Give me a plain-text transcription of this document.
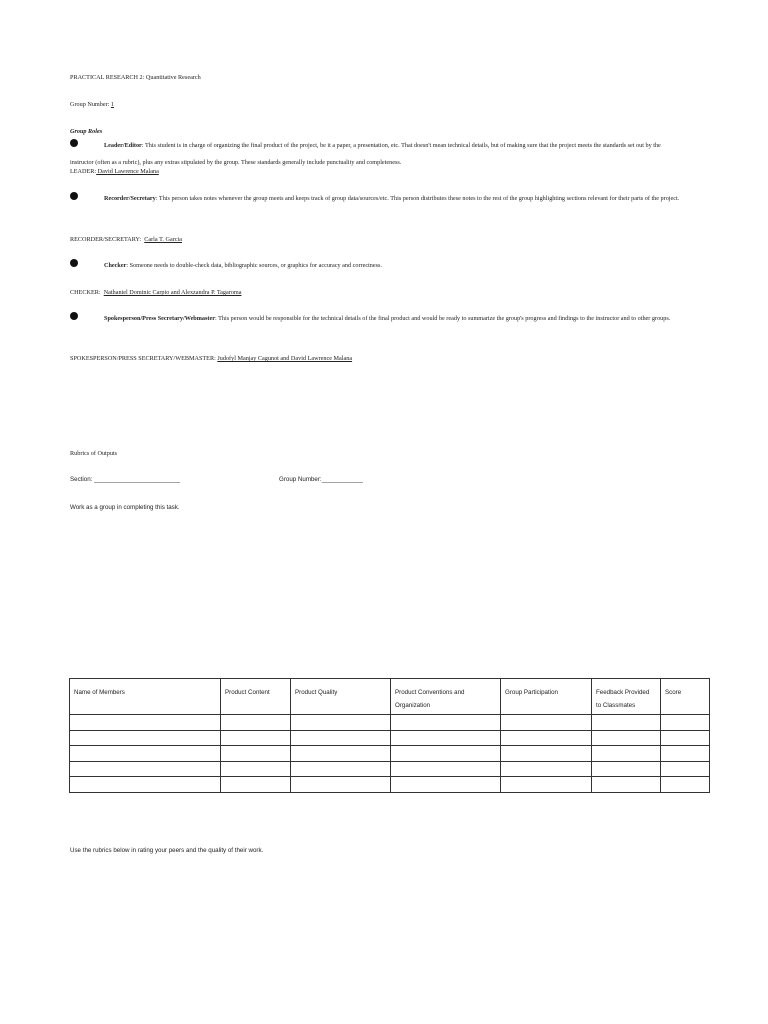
PRACTICAL RESEARCH 2: Quantitative Research
Group Number: 1
Group Roles
Leader/Editor: This student is in charge of organizing the final product of the project, be it a paper, a presentation, etc. That doesn't mean technical details, but of making sure that the project meets the standards set out by the instructor (often as a rubric), plus any extras stipulated by the group. These standards generally include punctuality and completeness.
LEADER: David Lawrence Malana
Recorder/Secretary: This person takes notes whenever the group meets and keeps track of group data/sources/etc. This person distributes these notes to the rest of the group highlighting sections relevant for their parts of the project.
RECORDER/SECRETARY: Carla T. Garcia
Checker: Someone needs to double-check data, bibliographic sources, or graphics for accuracy and correctness.
CHECKER: Nathaniel Dominic Carpio and Alexzandra P. Tagaroma
Spokesperson/Press Secretary/Webmaster: This person would be responsible for the technical details of the final product and would be ready to summarize the group's progress and findings to the instructor and to other groups.
SPOKESPERSON/PRESS SECRETARY/WEBMASTER: Judofyl Manjay Cagunot and David Lawrence Malana
Rubrics of Outputs
Section: _________________________	Group Number:____________
Work as a group in completing this task.
Name of Members	Product Content	Product Quality	Product Conventions and Organization	Group Participation	Feedback Provided to Classmates	Score

Use the rubrics below in rating your peers and the quality of their work.
